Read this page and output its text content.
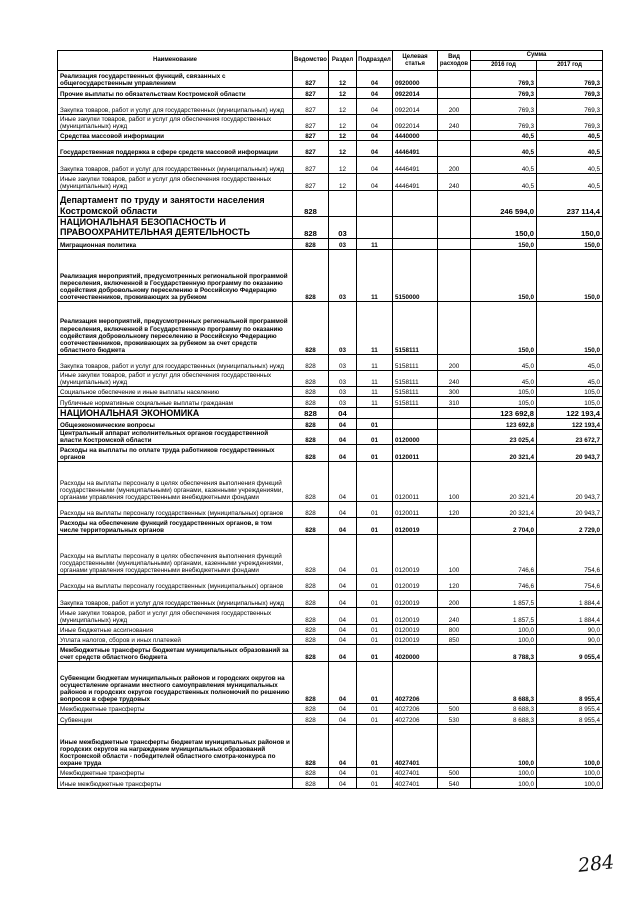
Наименование	Ведомство	Раздел	Подраздел	Целевая статья	Вид расходов	Сумма	
						2016 год	2017 год
Реализация государственных функций, связанных с общегосударственным управлением	827	12	04	0920000		769,3	769,3
Прочие выплаты по обязательствам Костромской области	827	12	04	0922014		769,3	769,3
Закупка товаров, работ и услуг для государственных (муниципальных) нужд	827	12	04	0922014	200	769,3	769,3
Иные закупки товаров, работ и услуг для обеспечения государственных (муниципальных) нужд	827	12	04	0922014	240	769,3	769,3
Средства массовой информации	827	12	04	4440000		40,5	40,5
Государственная поддержка в сфере средств массовой информации	827	12	04	4446491		40,5	40,5
Закупка товаров, работ и услуг для государственных (муниципальных) нужд	827	12	04	4446491	200	40,5	40,5
Иные закупки товаров, работ и услуг для обеспечения государственных (муниципальных) нужд	827	12	04	4446491	240	40,5	40,5
Департамент по труду и занятости населения Костромской области	828					246 594,0	237 114,4
НАЦИОНАЛЬНАЯ БЕЗОПАСНОСТЬ И ПРАВООХРАНИТЕЛЬНАЯ ДЕЯТЕЛЬНОСТЬ	828	03				150,0	150,0
Миграционная политика	828	03	11			150,0	150,0
Реализация мероприятий, предусмотренных региональной программой переселения, включенной в Государственную программу по оказанию содействия добровольному переселению в Российскую Федерацию соотечественников, проживающих за рубежом	828	03	11	5150000		150,0	150,0
Реализация мероприятий, предусмотренных региональной программой переселения, включенной в Государственную программу по оказанию содействия добровольному переселению в Российскую Федерацию соотечественников, проживающих за рубежом за счет средств областного бюджета	828	03	11	5158111		150,0	150,0
Закупка товаров, работ и услуг для государственных (муниципальных) нужд	828	03	11	5158111	200	45,0	45,0
Иные закупки товаров, работ и услуг для обеспечения государственных (муниципальных) нужд	828	03	11	5158111	240	45,0	45,0
Социальное обеспечение и иные выплаты населению	828	03	11	5158111	300	105,0	105,0
Публичные нормативные социальные выплаты гражданам	828	03	11	5158111	310	105,0	105,0
НАЦИОНАЛЬНАЯ ЭКОНОМИКА	828	04				123 692,8	122 193,4
Общеэкономические вопросы	828	04	01			123 692,8	122 193,4
Центральный аппарат исполнительных органов государственной власти Костромской области	828	04	01	0120000		23 025,4	23 672,7
Расходы на выплаты по оплате труда работников государственных органов	828	04	01	0120011		20 321,4	20 943,7
Расходы на выплаты персоналу в целях обеспечения выполнения функций государственными (муниципальными) органами, казенными учреждениями, органами управления государственными внебюджетными фондами	828	04	01	0120011	100	20 321,4	20 943,7
Расходы на выплаты персоналу государственных (муниципальных) органов	828	04	01	0120011	120	20 321,4	20 943,7
Расходы на обеспечение функций государственных органов, в том числе территориальных органов	828	04	01	0120019		2 704,0	2 729,0
Расходы на выплаты персоналу в целях обеспечения выполнения функций государственными (муниципальными) органами, казенными учреждениями, органами управления государственными внебюджетными фондами	828	04	01	0120019	100	746,6	754,6
Расходы на выплаты персоналу государственных (муниципальных) органов	828	04	01	0120019	120	746,6	754,6
Закупка товаров, работ и услуг для государственных (муниципальных) нужд	828	04	01	0120019	200	1 857,5	1 884,4
Иные закупки товаров, работ и услуг для обеспечения государственных (муниципальных) нужд	828	04	01	0120019	240	1 857,5	1 884,4
Иные бюджетные ассигнования	828	04	01	0120019	800	100,0	90,0
Уплата налогов, сборов и иных платежей	828	04	01	0120019	850	100,0	90,0
Межбюджетные трансферты бюджетам муниципальных образований за счет средств областного бюджета	828	04	01	4020000		8 788,3	9 055,4
Субвенции бюджетам муниципальных районов и городских округов на осуществление органами местного самоуправления муниципальных районов и городских округов государственных полномочий по решению вопросов в сфере трудовых	828	04	01	4027206		8 688,3	8 955,4
Межбюджетные трансферты	828	04	01	4027206	500	8 688,3	8 955,4
Субвенции	828	04	01	4027206	530	8 688,3	8 955,4
Иные межбюджетные трансферты бюджетам муниципальных районов и городских округов на награждение муниципальных образований Костромской области - победителей областного смотра-конкурса по охране труда	828	04	01	4027401		100,0	100,0
Межбюджетные трансферты	828	04	01	4027401	500	100,0	100,0
Иные межбюджетные трансферты	828	04	01	4027401	540	100,0	100,0
284
